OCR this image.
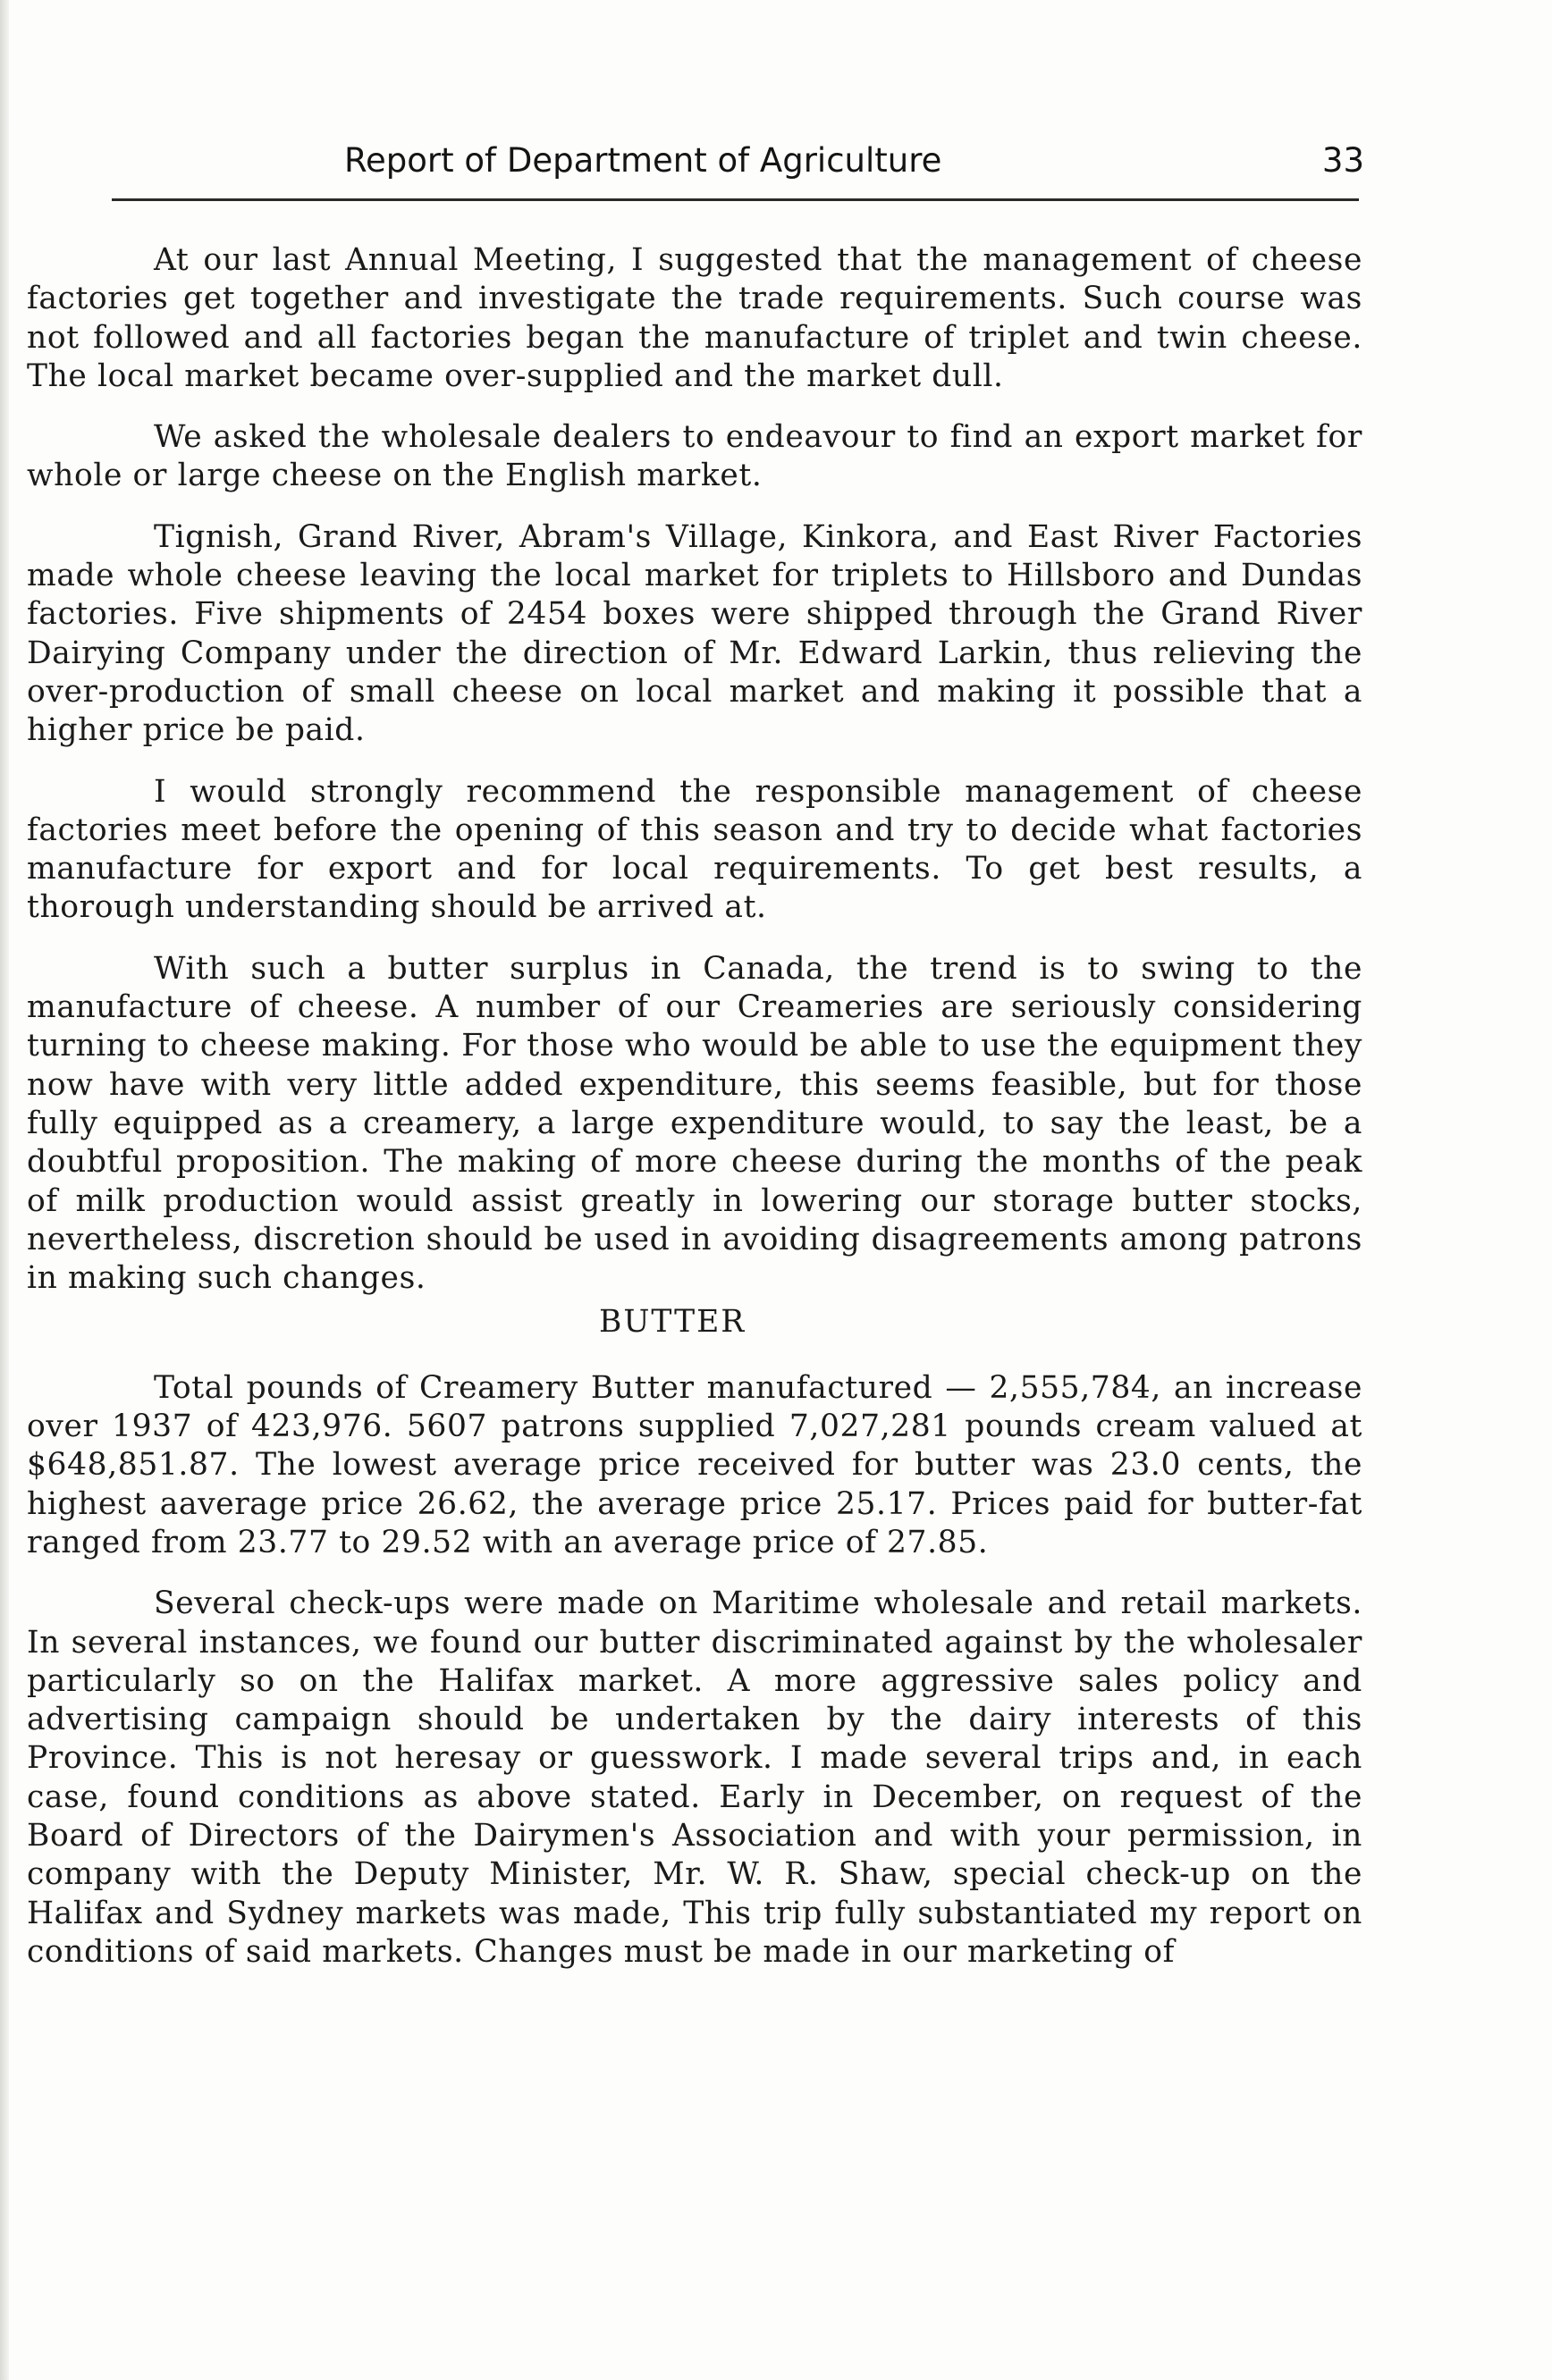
Report of Department of Agriculture	33

At our last Annual Meeting, I suggested that the management of cheese factories get together and investigate the trade requirements. Such course was not followed and all factories began the manufacture of triplet and twin cheese. The local market became over-supplied and the market dull.

We asked the wholesale dealers to endeavour to find an export market for whole or large cheese on the English market.

Tignish, Grand River, Abram's Village, Kinkora, and East River Factories made whole cheese leaving the local market for triplets to Hillsboro and Dundas factories. Five shipments of 2454 boxes were shipped through the Grand River Dairying Company under the direction of Mr. Edward Larkin, thus relieving the over-production of small cheese on local market and making it possible that a higher price be paid.

I would strongly recommend the responsible management of cheese factories meet before the opening of this season and try to decide what factories manufacture for export and for local requirements. To get best results, a thorough understanding should be arrived at.

With such a butter surplus in Canada, the trend is to swing to the manufacture of cheese. A number of our Creameries are seriously considering turning to cheese making. For those who would be able to use the equipment they now have with very little added expenditure, this seems feasible, but for those fully equipped as a creamery, a large expenditure would, to say the least, be a doubtful proposition. The making of more cheese during the months of the peak of milk production would assist greatly in lowering our storage butter stocks, nevertheless, discretion should be used in avoiding disagreements among patrons in making such changes.

BUTTER

Total pounds of Creamery Butter manufactured — 2,555,784, an increase over 1937 of 423,976. 5607 patrons supplied 7,027,281 pounds cream valued at $648,851.87. The lowest average price received for butter was 23.0 cents, the highest aaverage price 26.62, the average price 25.17. Prices paid for butter-fat ranged from 23.77 to 29.52 with an average price of 27.85.

Several check-ups were made on Maritime wholesale and retail markets. In several instances, we found our butter discriminated against by the wholesaler particularly so on the Halifax market. A more aggressive sales policy and advertising campaign should be undertaken by the dairy interests of this Province. This is not heresay or guesswork. I made several trips and, in each case, found conditions as above stated. Early in December, on request of the Board of Directors of the Dairymen's Association and with your permission, in company with the Deputy Minister, Mr. W. R. Shaw, special check-up on the Halifax and Sydney markets was made, This trip fully substantiated my report on conditions of said markets. Changes must be made in our marketing of
